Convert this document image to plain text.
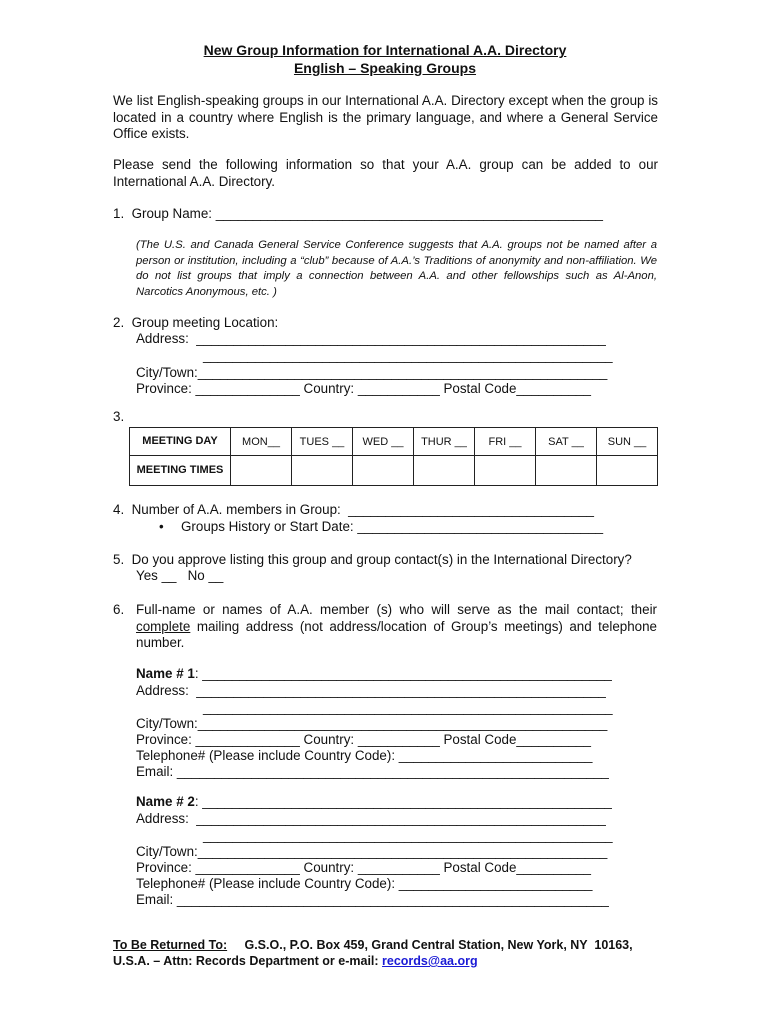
New Group Information for International A.A. Directory
English – Speaking Groups
We list English-speaking groups in our International A.A. Directory except when the group is located in a country where English is the primary language, and where a General Service Office exists.
Please send the following information so that your A.A. group can be added to our International A.A. Directory.
1.  Group Name: ____________________________________________________
(The U.S. and Canada General Service Conference suggests that A.A. groups not be named after a person or institution, including a “club” because of A.A.’s Traditions of anonymity and non-affiliation. We do not list groups that imply a connection between A.A. and other fellowships such as Al-Anon, Narcotics Anonymous, etc. )
2.  Group meeting Location:
Address:  _______________________________________________________
_______________________________________________________
City/Town:_______________________________________________________
Province: ______________ Country: ___________ Postal Code__________
3.
MEETING DAY	MON__	TUES __	WED __	THUR __	FRI __	SAT __	SUN __
MEETING TIMES							
4.  Number of A.A. members in Group:  _________________________________
• Groups History or Start Date: _________________________________
5.  Do you approve listing this group and group contact(s) in the International Directory?
Yes __   No __
6. Full-name or names of A.A. member (s) who will serve as the mail contact; their complete mailing address (not address/location of Group’s meetings) and telephone number.
Name # 1: _______________________________________________________
Address:  _______________________________________________________
_______________________________________________________
City/Town:_______________________________________________________
Province: ______________ Country: ___________ Postal Code__________
Telephone# (Please include Country Code): __________________________
Email: __________________________________________________________
Name # 2: _______________________________________________________
Address:  _______________________________________________________
_______________________________________________________
City/Town:_______________________________________________________
Province: ______________ Country: ___________ Postal Code__________
Telephone# (Please include Country Code): __________________________
Email: __________________________________________________________
To Be Returned To:     G.S.O., P.O. Box 459, Grand Central Station, New York, NY  10163,
U.S.A. – Attn: Records Department or e-mail: records@aa.org
